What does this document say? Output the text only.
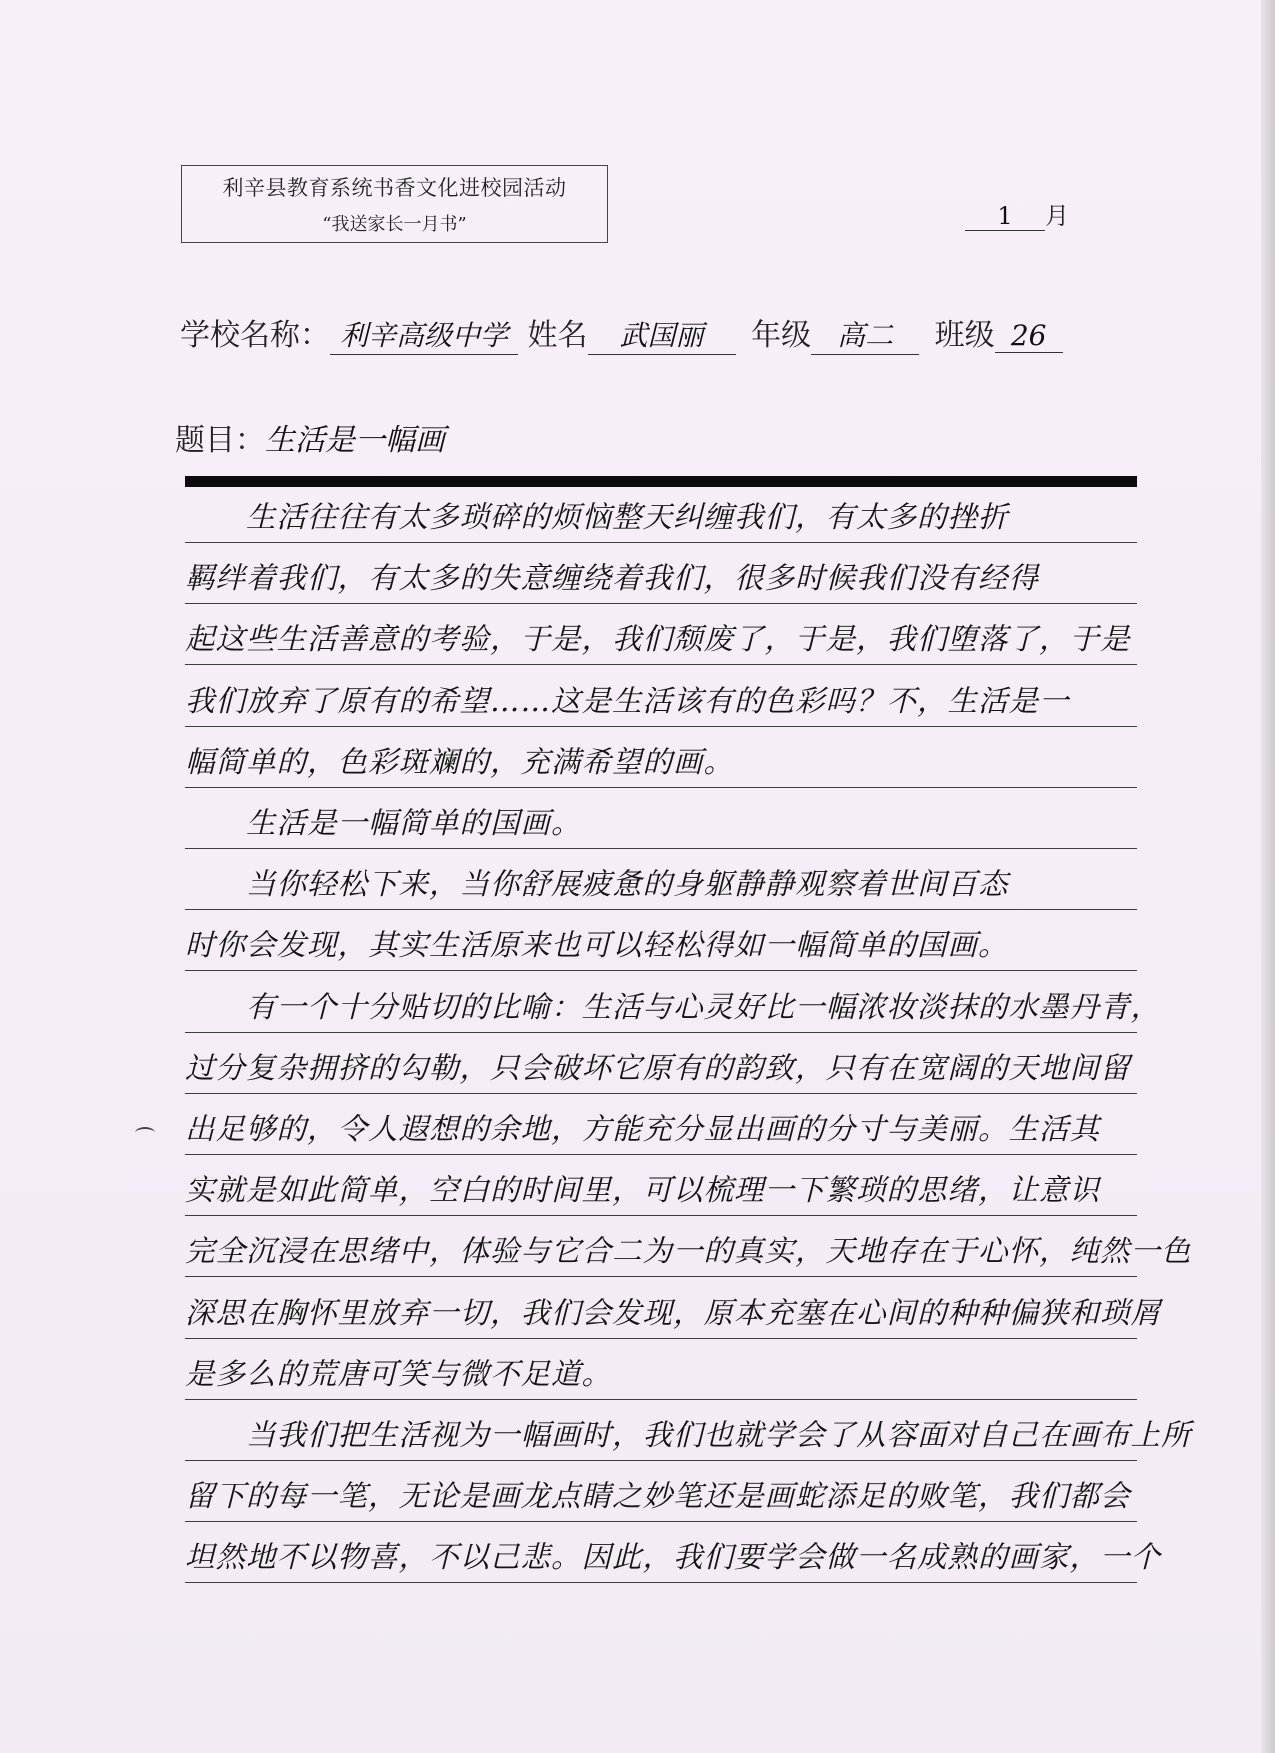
利辛县教育系统书香文化进校园活动
“我送家长一月书”	1 月
学校名称： 利辛高级中学 姓名 武国丽 年级 高二 班级 26
题目：生活是一幅画
　　生活往往有太多琐碎的烦恼整天纠缠我们，有太多的挫折
羁绊着我们，有太多的失意缠绕着我们，很多时候我们没有经得
起这些生活善意的考验，于是，我们颓废了，于是，我们堕落了，于是
我们放弃了原有的希望……这是生活该有的色彩吗？不，生活是一
幅简单的，色彩斑斓的，充满希望的画。
　　生活是一幅简单的国画。
　　当你轻松下来，当你舒展疲惫的身躯静静观察着世间百态
时你会发现，其实生活原来也可以轻松得如一幅简单的国画。
　　有一个十分贴切的比喻：生活与心灵好比一幅浓妆淡抹的水墨丹青，
过分复杂拥挤的勾勒，只会破坏它原有的韵致，只有在宽阔的天地间留
出足够的，令人遐想的余地，方能充分显出画的分寸与美丽。生活其
实就是如此简单，空白的时间里，可以梳理一下繁琐的思绪，让意识
完全沉浸在思绪中，体验与它合二为一的真实，天地存在于心怀，纯然一色
深思在胸怀里放弃一切，我们会发现，原本充塞在心间的种种偏狭和琐屑
是多么的荒唐可笑与微不足道。
　　当我们把生活视为一幅画时，我们也就学会了从容面对自己在画布上所
留下的每一笔，无论是画龙点睛之妙笔还是画蛇添足的败笔，我们都会
坦然地不以物喜，不以己悲。因此，我们要学会做一名成熟的画家，一个
